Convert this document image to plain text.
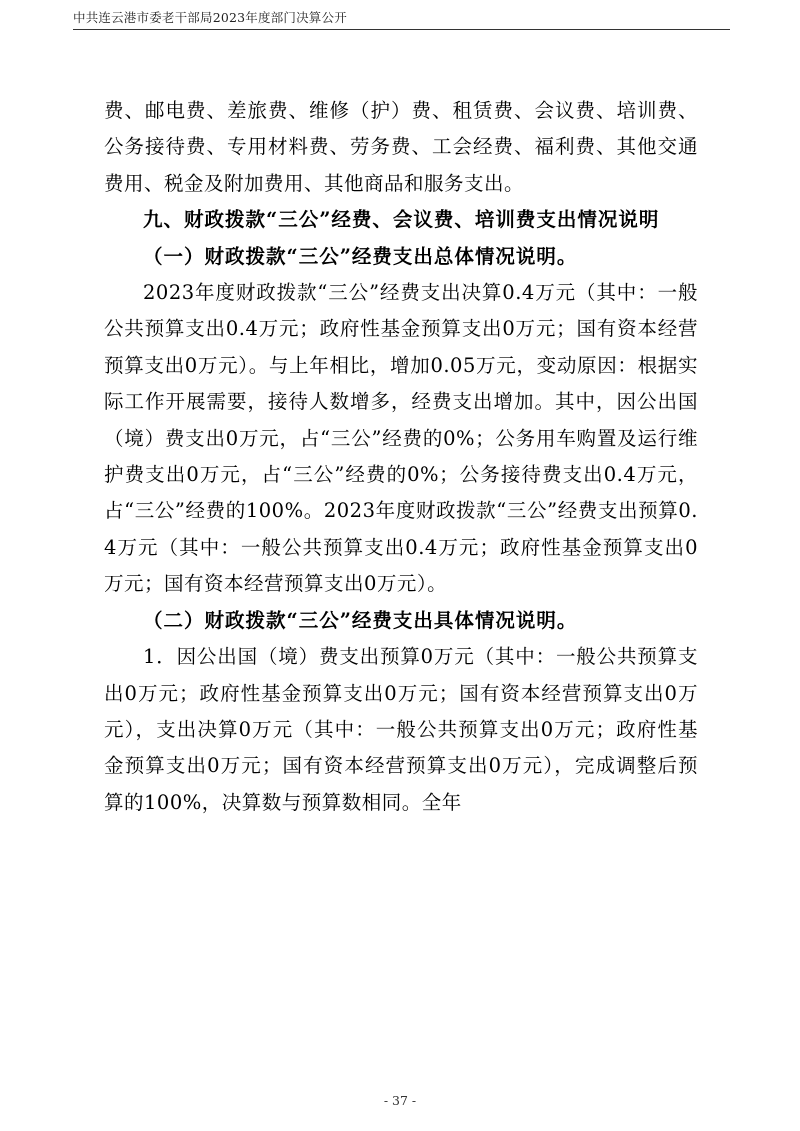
中共连云港市委老干部局2023年度部门决算公开

费、邮电费、差旅费、维修（护）费、租赁费、会议费、培训费、公务接待费、专用材料费、劳务费、工会经费、福利费、其他交通费用、税金及附加费用、其他商品和服务支出。

九、财政拨款“三公”经费、会议费、培训费支出情况说明

（一）财政拨款“三公”经费支出总体情况说明。

2023年度财政拨款“三公”经费支出决算0.4万元（其中：一般公共预算支出0.4万元；政府性基金预算支出0万元；国有资本经营预算支出0万元）。与上年相比，增加0.05万元，变动原因：根据实际工作开展需要，接待人数增多，经费支出增加。其中，因公出国（境）费支出0万元，占“三公”经费的0%；公务用车购置及运行维护费支出0万元，占“三公”经费的0%；公务接待费支出0.4万元，占“三公”经费的100%。2023年度财政拨款“三公”经费支出预算0.4万元（其中：一般公共预算支出0.4万元；政府性基金预算支出0万元；国有资本经营预算支出0万元）。

（二）财政拨款“三公”经费支出具体情况说明。

1．因公出国（境）费支出预算0万元（其中：一般公共预算支出0万元；政府性基金预算支出0万元；国有资本经营预算支出0万元），支出决算0万元（其中：一般公共预算支出0万元；政府性基金预算支出0万元；国有资本经营预算支出0万元），完成调整后预算的100%，决算数与预算数相同。全年

- 37 -
